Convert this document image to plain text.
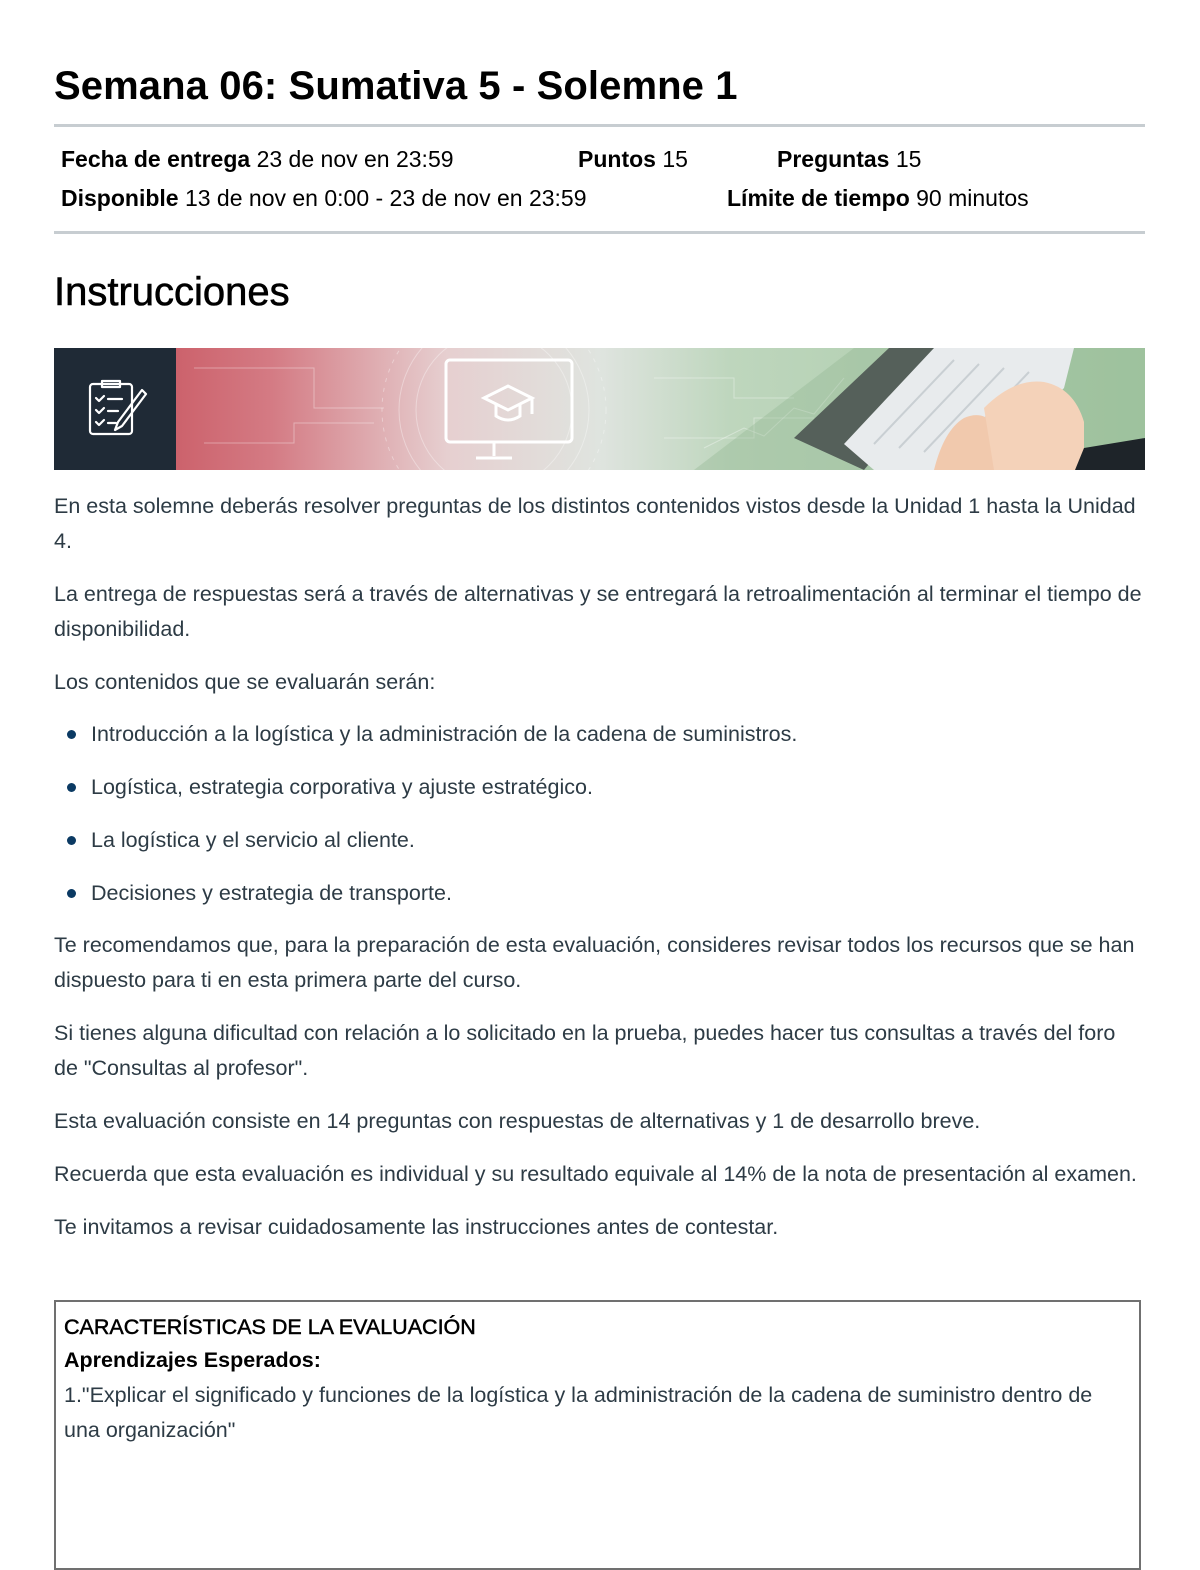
Semana 06: Sumativa 5 - Solemne 1
Fecha de entrega 23 de nov en 23:59	Puntos 15	Preguntas 15
Disponible 13 de nov en 0:00 - 23 de nov en 23:59	Límite de tiempo 90 minutos
Instrucciones

En esta solemne deberás resolver preguntas de los distintos contenidos vistos desde la Unidad 1 hasta la Unidad 4.

La entrega de respuestas será a través de alternativas y se entregará la retroalimentación al terminar el tiempo de disponibilidad.

Los contenidos que se evaluarán serán:

Introducción a la logística y la administración de la cadena de suministros.
Logística, estrategia corporativa y ajuste estratégico.
La logística y el servicio al cliente.
Decisiones y estrategia de transporte.

Te recomendamos que, para la preparación de esta evaluación, consideres revisar todos los recursos que se han dispuesto para ti en esta primera parte del curso.

Si tienes alguna dificultad con relación a lo solicitado en la prueba, puedes hacer tus consultas a través del foro de "Consultas al profesor".

Esta evaluación consiste en 14 preguntas con respuestas de alternativas y 1 de desarrollo breve.

Recuerda que esta evaluación es individual y su resultado equivale al 14% de la nota de presentación al examen.

Te invitamos a revisar cuidadosamente las instrucciones antes de contestar.

CARACTERÍSTICAS DE LA EVALUACIÓN
Aprendizajes Esperados:
1."Explicar el significado y funciones de la logística y la administración de la cadena de suministro dentro de una organización"
